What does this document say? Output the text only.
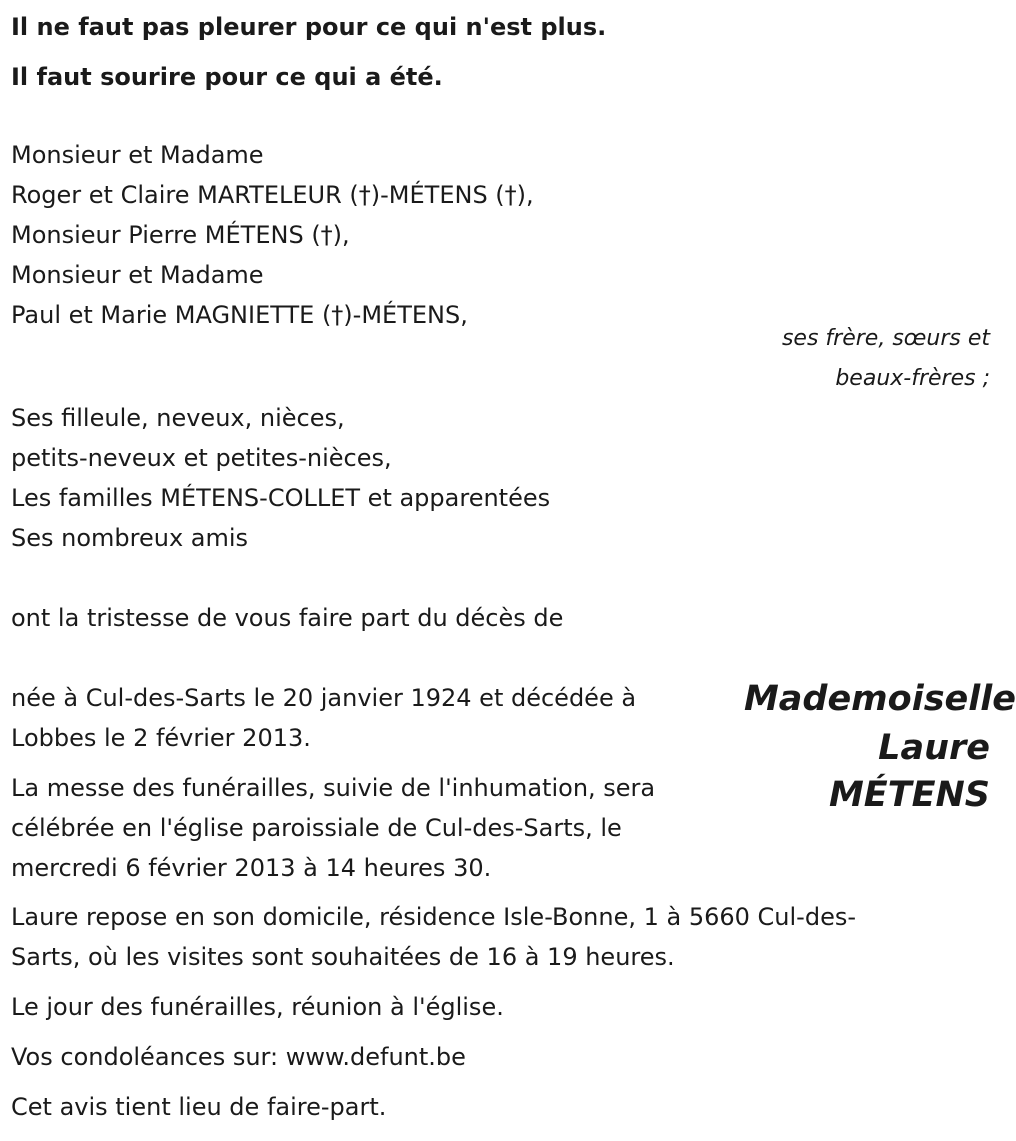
Il ne faut pas pleurer pour ce qui n'est plus.
Il faut sourire pour ce qui a été.
Monsieur et Madame
Roger et Claire MARTELEUR (†)-MÉTENS (†),
Monsieur Pierre MÉTENS (†),
Monsieur et Madame
Paul et Marie MAGNIETTE (†)-MÉTENS,
ses frère, sœurs et
beaux-frères ;
Ses filleule, neveux, nièces,
petits-neveux et petites-nièces,
Les familles MÉTENS-COLLET et apparentées
Ses nombreux amis
ont la tristesse de vous faire part du décès de
Mademoiselle
Laure
MÉTENS
née à Cul-des-Sarts le 20 janvier 1924 et décédée à
Lobbes le 2 février 2013.
La messe des funérailles, suivie de l'inhumation, sera
célébrée en l'église paroissiale de Cul-des-Sarts, le
mercredi 6 février 2013 à 14 heures 30.
Laure repose en son domicile, résidence Isle-Bonne, 1 à 5660 Cul-des-
Sarts, où les visites sont souhaitées de 16 à 19 heures.
Le jour des funérailles, réunion à l'église.
Vos condoléances sur: www.defunt.be
Cet avis tient lieu de faire-part.
